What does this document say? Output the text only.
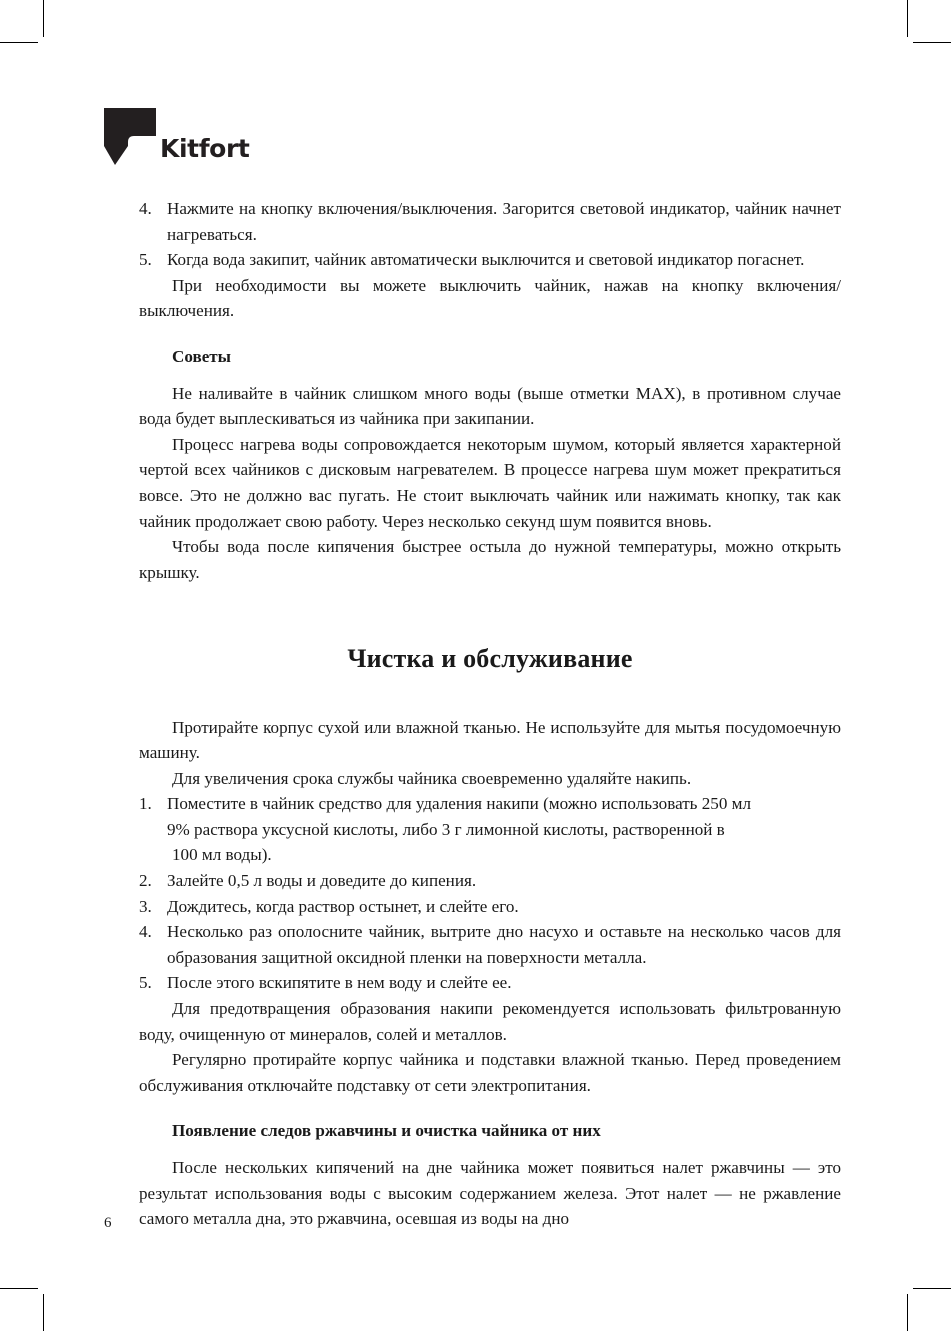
Kitfort
4. Нажмите на кнопку включения/выключения. Загорится световой индикатор, чайник начнет нагреваться.
5. Когда вода закипит, чайник автоматически выключится и световой индикатор погаснет.

При необходимости вы можете выключить чайник, нажав на кнопку включения/выключения.

Советы

Не наливайте в чайник слишком много воды (выше отметки MAX), в противном случае вода будет выплескиваться из чайника при закипании.

Процесс нагрева воды сопровождается некоторым шумом, который является характерной чертой всех чайников с дисковым нагревателем. В процессе нагрева шум может прекратиться вовсе. Это не должно вас пугать. Не стоит выключать чайник или нажимать кнопку, так как чайник продолжает свою работу. Через несколько секунд шум появится вновь.

Чтобы вода после кипячения быстрее остыла до нужной температуры, можно открыть крышку.

Чистка и обслуживание

Протирайте корпус сухой или влажной тканью. Не используйте для мытья посудомоечную машину.

Для увеличения срока службы чайника своевременно удаляйте накипь.

1. Поместите в чайник средство для удаления накипи (можно использовать 250 мл
9% раствора уксусной кислоты, либо 3 г лимонной кислоты, растворенной в
100 мл воды).
2. Залейте 0,5 л воды и доведите до кипения.
3. Дождитесь, когда раствор остынет, и слейте его.
4. Несколько раз ополосните чайник, вытрите дно насухо и оставьте на несколько часов для образования защитной оксидной пленки на поверхности металла.
5. После этого вскипятите в нем воду и слейте ее.

Для предотвращения образования накипи рекомендуется использовать фильтрованную воду, очищенную от минералов, солей и металлов.

Регулярно протирайте корпус чайника и подставки влажной тканью. Перед проведением обслуживания отключайте подставку от сети электропитания.

Появление следов ржавчины и очистка чайника от них

После нескольких кипячений на дне чайника может появиться налет ржавчины — это результат использования воды с высоким содержанием железа. Этот налет — не ржавление самого металла дна, это ржавчина, осевшая из воды на дно

6
